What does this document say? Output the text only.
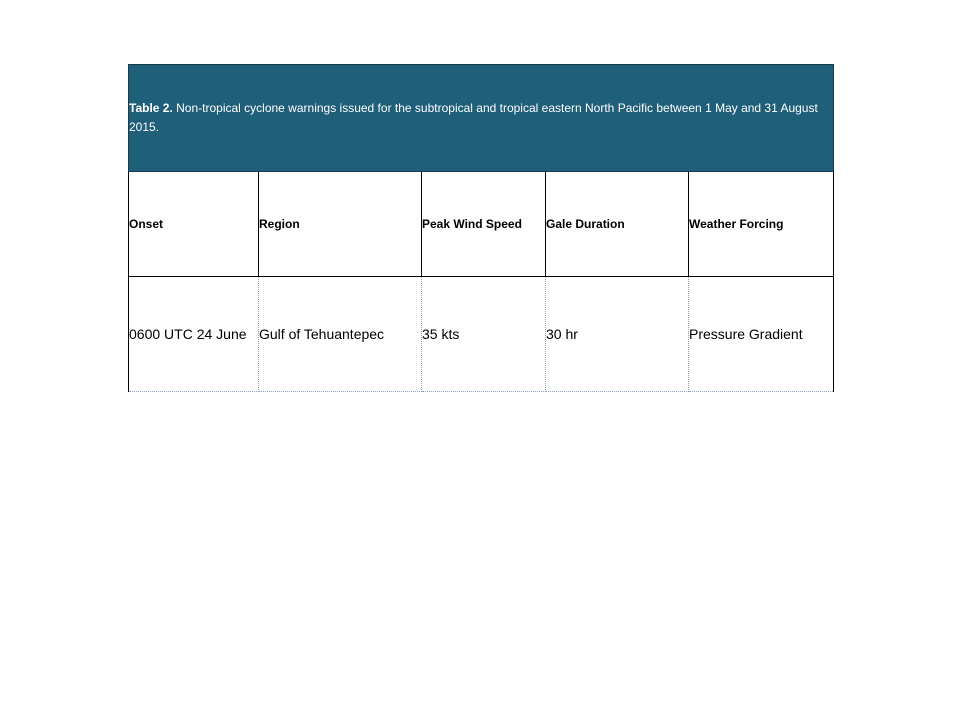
Table 2. Non-tropical cyclone warnings issued for the subtropical and tropical eastern North Pacific between 1 May and 31 August 2015.				

Onset	Region	Peak Wind Speed	Gale Duration	Weather Forcing
0600 UTC 24 June	Gulf of Tehuantepec	35 kts	30 hr	Pressure Gradient
